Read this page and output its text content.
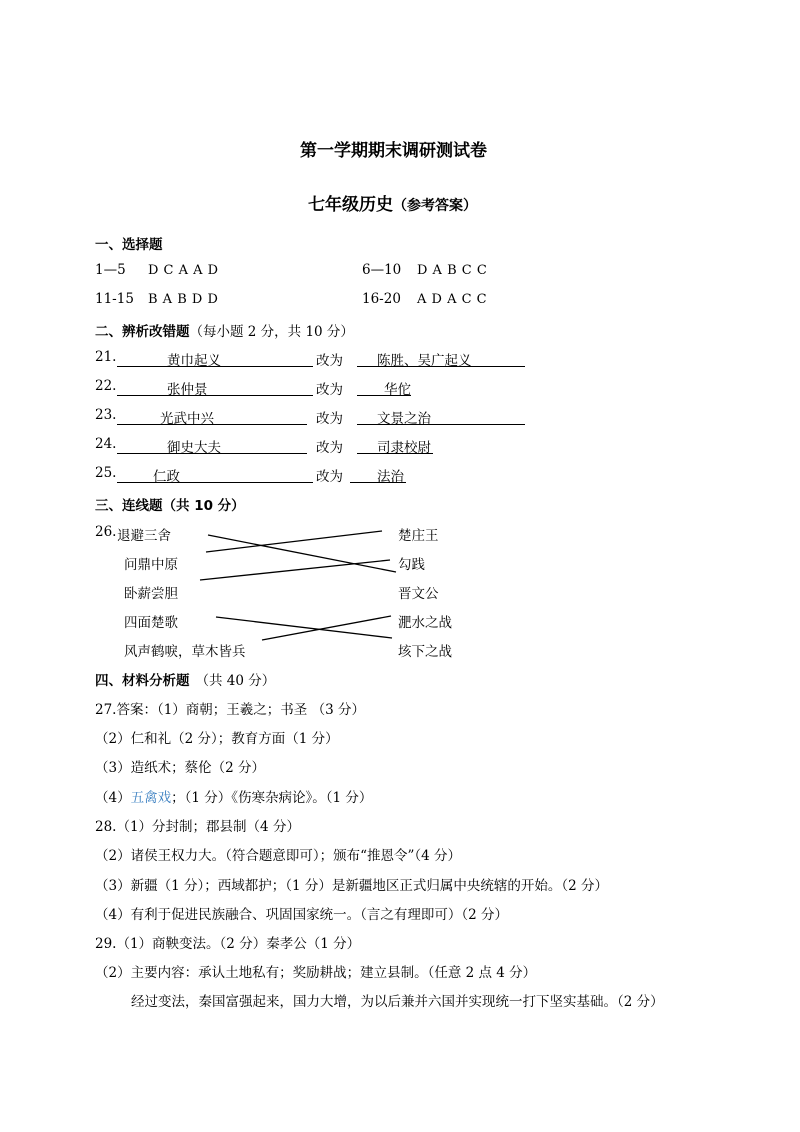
第一学期期末调研测试卷
七年级历史（参考答案）
一、选择题
1—5 D C A A D	6—10 D A B C C
11-15 B A B D D	16-20 A D A C C
二、辨析改错题（每小题 2 分，共 10 分）
21.	黄巾起义	改为	陈胜、吴广起义
22.	张仲景	改为	华佗
23.	光武中兴	改为	文景之治
24.	御史大夫	改为	司隶校尉
25.	仁政	改为	法治
三、连线题（共 10 分）
26. 退避三舍
问鼎中原
卧薪尝胆
四面楚歌
风声鹤唳，草木皆兵
楚庄王
勾践
晋文公
淝水之战
垓下之战
四、材料分析题 （共 40 分）
27.答案：（1）商朝；王羲之；书圣 （3 分）
（2）仁和礼（2 分）；教育方面（1 分）
（3）造纸术；蔡伦（2 分）
（4）五禽戏；（1 分）《伤寒杂病论》。（1 分）
28.（1）分封制；郡县制（4 分）
（2）诸侯王权力大。（符合题意即可）；颁布“推恩令”（4 分）
（3）新疆（1 分）；西域都护；（1 分）是新疆地区正式归属中央统辖的开始。（2 分）
（4）有利于促进民族融合、巩固国家统一。（言之有理即可）（2 分）
29.（1）商鞅变法。（2 分）秦孝公（1 分）
（2）主要内容：承认土地私有；奖励耕战；建立县制。（任意 2 点 4 分）
经过变法，秦国富强起来，国力大增，为以后兼并六国并实现统一打下坚实基础。（2 分）
